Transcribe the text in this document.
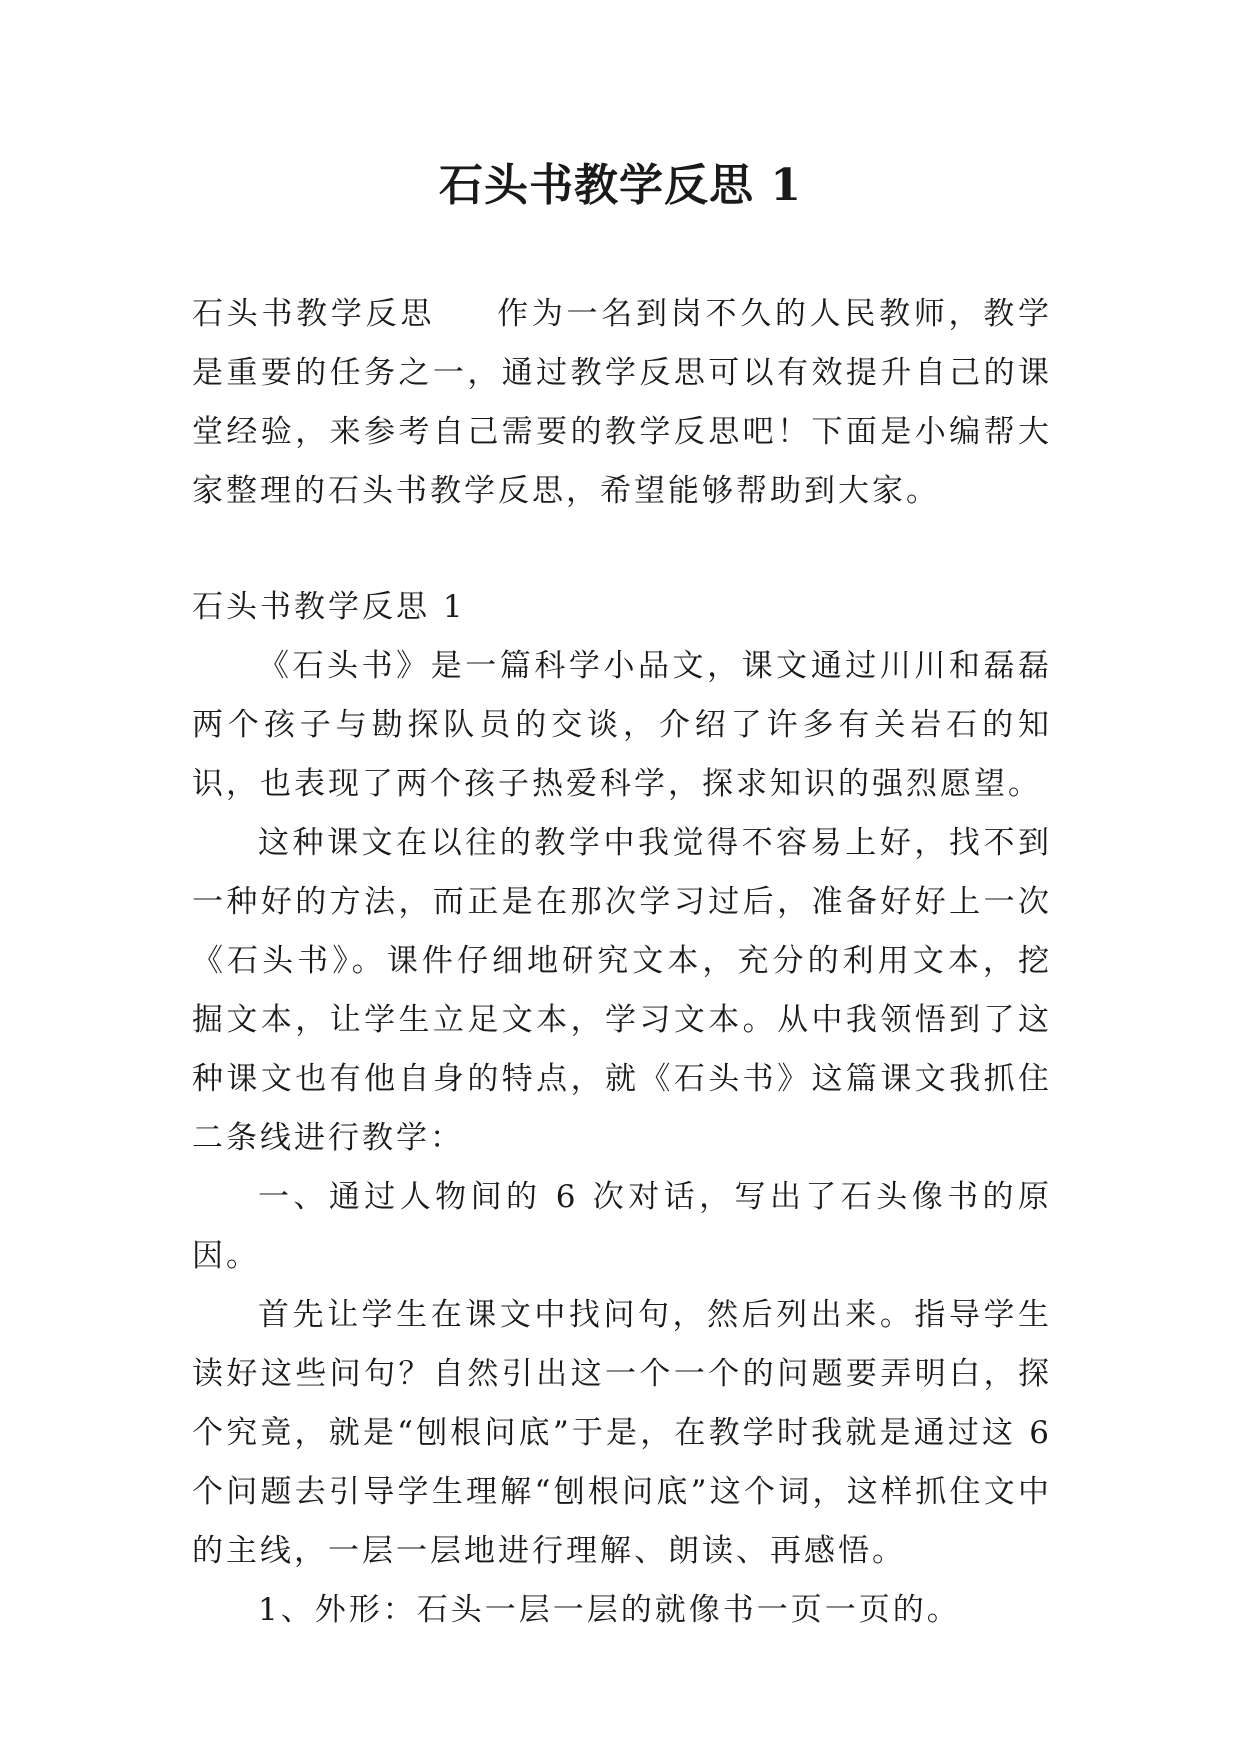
石头书教学反思 1
石头书教学反思 作为一名到岗不久的人民教师，教学是重要的任务之一，通过教学反思可以有效提升自己的课堂经验，来参考自己需要的教学反思吧！下面是小编帮大家整理的石头书教学反思，希望能够帮助到大家。

石头书教学反思 1

《石头书》是一篇科学小品文，课文通过川川和磊磊两个孩子与勘探队员的交谈，介绍了许多有关岩石的知识，也表现了两个孩子热爱科学，探求知识的强烈愿望。

这种课文在以往的教学中我觉得不容易上好，找不到一种好的方法，而正是在那次学习过后，准备好好上一次《石头书》。课件仔细地研究文本，充分的利用文本，挖掘文本，让学生立足文本，学习文本。从中我领悟到了这种课文也有他自身的特点，就《石头书》这篇课文我抓住二条线进行教学：

一、通过人物间的 6 次对话，写出了石头像书的原因。

首先让学生在课文中找问句，然后列出来。指导学生读好这些问句？自然引出这一个一个的问题要弄明白，探个究竟，就是“刨根问底”于是，在教学时我就是通过这 6 个问题去引导学生理解“刨根问底”这个词，这样抓住文中的主线，一层一层地进行理解、朗读、再感悟。

1、外形：石头一层一层的就像书一页一页的。
